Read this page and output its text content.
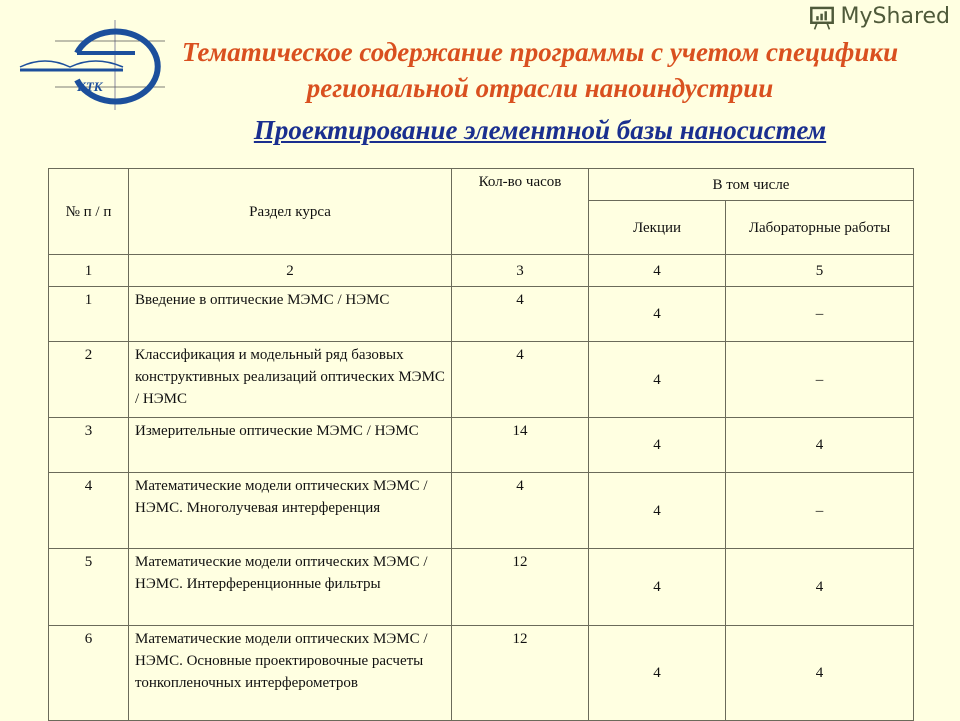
КТК
Тематическое содержание программы с учетом специфики региональной отрасли наноиндустрии
Проектирование элементной базы наносистем
№ п / п	Раздел курса	Кол-во часов	В том числе	
			Лекции	Лабораторные работы
1	2	3	4	5
1	Введение в оптические МЭМС / НЭМС	4	4	–
2	Классификация и модельный ряд базовых конструктивных реализаций оптических МЭМС / НЭМС	4	4	–
3	Измерительные оптические МЭМС / НЭМС	14	4	4
4	Математические модели оптических МЭМС / НЭМС. Многолучевая интерференция	4	4	–
5	Математические модели оптических МЭМС / НЭМС. Интерференционные фильтры	12	4	4
6	Математические модели оптических МЭМС / НЭМС. Основные проектировочные расчеты тонкопленочных интерферометров	12	4	4
MyShared
